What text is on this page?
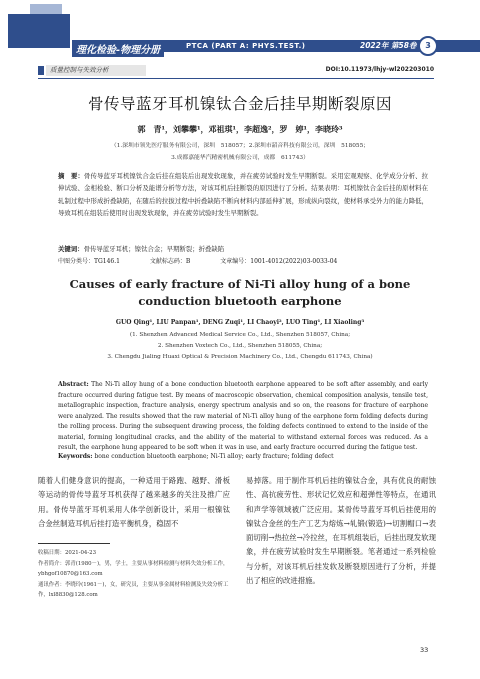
理化检验-物理分册	PTCA (PART A: PHYS.TEST.)	2022年 第58卷	3
质量控制与失效分析	DOI:10.11973/lhjy-wl202203010
骨传导蓝牙耳机镍钛合金后挂早期断裂原因
郭　青¹，刘攀攀¹，邓祖琪¹，李超逸²，罗　婷¹，李晓玲³
（1.深圳市领先医疗服务有限公司，深圳　518057；2.深圳市韶音科技有限公司，深圳　518055；
3.成都嘉能华汽精密机械有限公司，成都　611743）
摘　要：骨传导蓝牙耳机镍钛合金后挂在组装后出现发软现象，并在疲劳试验时发生早期断裂。采用宏观观察、化学成分分析、拉伸试验、金相检验、断口分析及能谱分析等方法，对该耳机后挂断裂的原因进行了分析。结果表明：耳机镍钛合金后挂的原材料在轧制过程中形成折叠缺陷，在随后的拉拔过程中折叠缺陷不断向材料内部延伸扩展，形成纵向裂纹，使材料承受外力的能力降低，导致耳机在组装后使用时出现发软现象，并在疲劳试验时发生早期断裂。
关键词：骨传导蓝牙耳机；镍钛合金；早期断裂；折叠缺陷
中图分类号：TG146.1	文献标志码：B	文章编号：1001-4012(2022)03-0033-04
Causes of early fracture of Ni-Ti alloy hung of a bone conduction bluetooth earphone
GUO Qing¹, LIU Panpan¹, DENG Zuqi¹, LI Chaoyi², LUO Ting¹, LI Xiaoling³
(1. Shenzhen Advanced Medical Service Co., Ltd., Shenzhen 518057, China;
2. Shenzhen Voxtech Co., Ltd., Shenzhen 518055, China;
3. Chengdu Jialing Huaxi Optical & Precision Machinery Co., Ltd., Chengdu 611743, China)
Abstract: The Ni-Ti alloy hung of a bone conduction bluetooth earphone appeared to be soft after assembly, and early fracture occurred during fatigue test. By means of macroscopic observation, chemical composition analysis, tensile test, metallographic inspection, fracture analysis, energy spectrum analysis and so on, the reasons for fracture of earphone were analyzed. The results showed that the raw material of Ni-Ti alloy hung of the earphone form folding defects during the rolling process. During the subsequent drawing process, the folding defects continued to extend to the inside of the material, forming longitudinal cracks, and the ability of the material to withstand external forces was reduced. As a result, the earphone hung appeared to be soft when it was in use, and early fracture occurred during the fatigue test.
Keywords: bone conduction bluetooth earphone; Ni-Ti alloy; early fracture; folding defect
随着人们健身意识的提高，一种适用于路跑、越野、滑板等运动的骨传导蓝牙耳机获得了越来越多的关注及推广应用。骨传导蓝牙耳机采用人体学创新设计，采用一根镍钛合金丝制造耳机后挂打造平衡机身，稳固不
易掉落。用于制作耳机后挂的镍钛合金，具有优良的耐蚀性、高抗疲劳性、形状记忆效应和超弹性等特点，在通讯和声学等领域被广泛应用。某骨传导蓝牙耳机后挂使用的镍钛合金丝的生产工艺为熔炼→轧锻(锻造)→切割帽口→表面切削→热拉丝→冷拉丝，在耳机组装后，后挂出现发软现象，并在疲劳试验时发生早期断裂。笔者通过一系列检验与分析，对该耳机后挂发软及断裂原因进行了分析，并提出了相应的改进措施。
收稿日期：2021-04-23
作者简介：郭青(1980－)，男，学士，主要从事材料检测与材料失效分析工作，ybhgof10870@163.com
通讯作者：李晓玲(1961－)，女，研究员，主要从事金属材料检测及失效分析工作，lxl8830@128.com
33
